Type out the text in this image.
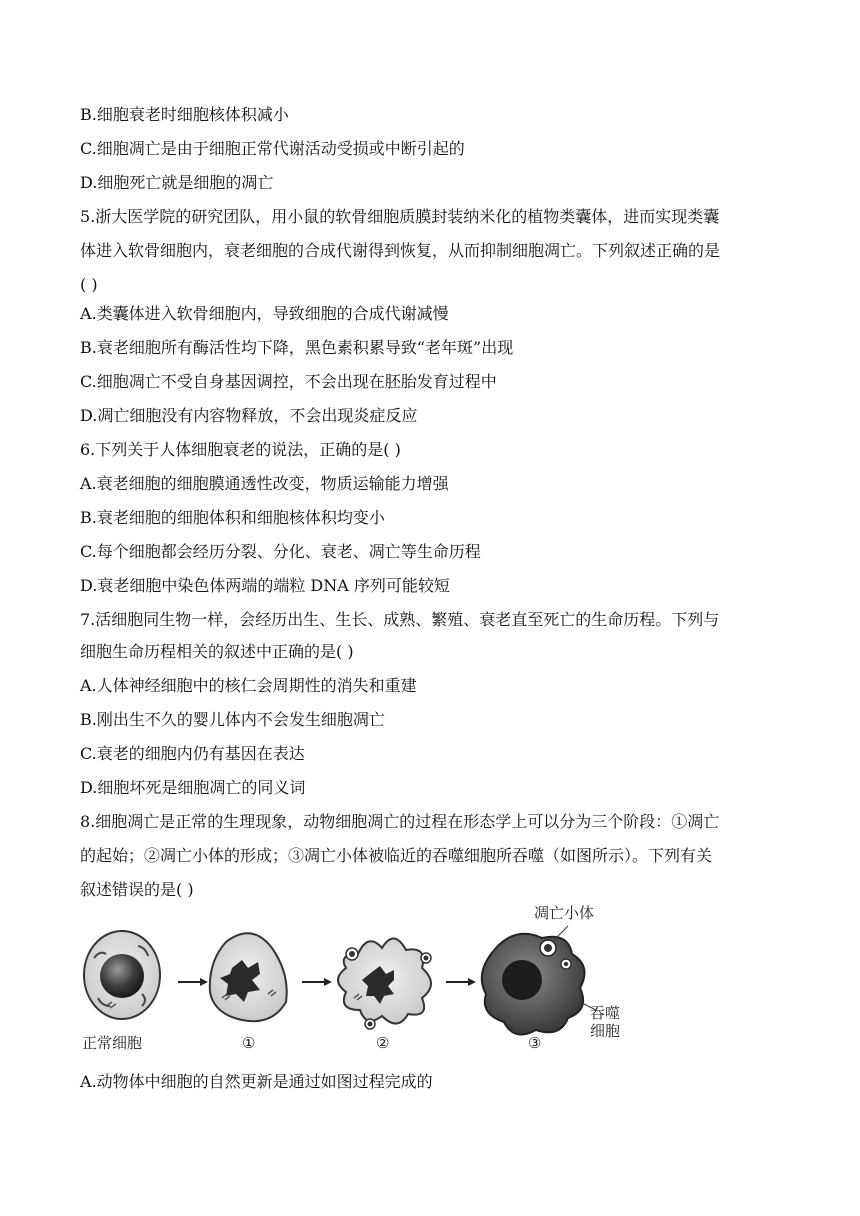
B.细胞衰老时细胞核体积减小
C.细胞凋亡是由于细胞正常代谢活动受损或中断引起的
D.细胞死亡就是细胞的凋亡
5.浙大医学院的研究团队，用小鼠的软骨细胞质膜封装纳米化的植物类囊体，进而实现类囊
体进入软骨细胞内，衰老细胞的合成代谢得到恢复，从而抑制细胞凋亡。下列叙述正确的是
( )
A.类囊体进入软骨细胞内，导致细胞的合成代谢减慢
B.衰老细胞所有酶活性均下降，黑色素积累导致“老年斑”出现
C.细胞凋亡不受自身基因调控，不会出现在胚胎发育过程中
D.凋亡细胞没有内容物释放，不会出现炎症反应
6.下列关于人体细胞衰老的说法，正确的是( )
A.衰老细胞的细胞膜通透性改变，物质运输能力增强
B.衰老细胞的细胞体积和细胞核体积均变小
C.每个细胞都会经历分裂、分化、衰老、凋亡等生命历程
D.衰老细胞中染色体两端的端粒 DNA 序列可能较短
7.活细胞同生物一样，会经历出生、生长、成熟、繁殖、衰老直至死亡的生命历程。下列与
细胞生命历程相关的叙述中正确的是( )
A.人体神经细胞中的核仁会周期性的消失和重建
B.刚出生不久的婴儿体内不会发生细胞凋亡
C.衰老的细胞内仍有基因在表达
D.细胞坏死是细胞凋亡的同义词
8.细胞凋亡是正常的生理现象，动物细胞凋亡的过程在形态学上可以分为三个阶段：①凋亡
的起始；②凋亡小体的形成；③凋亡小体被临近的吞噬细胞所吞噬（如图所示）。下列有关
叙述错误的是( )
正常细胞	①	②	③
凋亡小体
吞噬
细胞
A.动物体中细胞的自然更新是通过如图过程完成的
